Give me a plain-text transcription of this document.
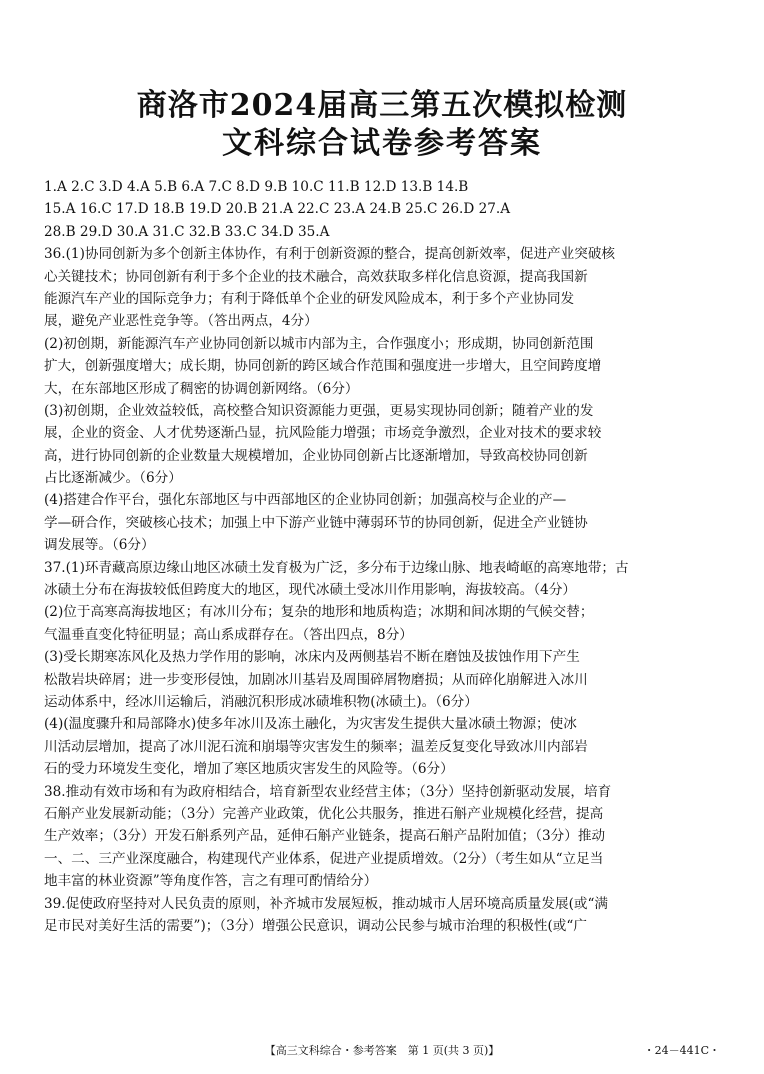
商洛市2024届高三第五次模拟检测
文科综合试卷参考答案
1.A 2.C 3.D 4.A 5.B 6.A 7.C 8.D 9.B 10.C 11.B 12.D 13.B 14.B
15.A 16.C 17.D 18.B 19.D 20.B 21.A 22.C 23.A 24.B 25.C 26.D 27.A
28.B 29.D 30.A 31.C 32.B 33.C 34.D 35.A
36.(1)协同创新为多个创新主体协作，有利于创新资源的整合，提高创新效率，促进产业突破核
心关键技术；协同创新有利于多个企业的技术融合，高效获取多样化信息资源，提高我国新
能源汽车产业的国际竞争力；有利于降低单个企业的研发风险成本，利于多个产业协同发
展，避免产业恶性竞争等。（答出两点，4分）
(2)初创期，新能源汽车产业协同创新以城市内部为主，合作强度小；形成期，协同创新范围
扩大，创新强度增大；成长期，协同创新的跨区域合作范围和强度进一步增大，且空间跨度增
大，在东部地区形成了稠密的协调创新网络。（6分）
(3)初创期，企业效益较低，高校整合知识资源能力更强，更易实现协同创新；随着产业的发
展，企业的资金、人才优势逐渐凸显，抗风险能力增强；市场竞争激烈，企业对技术的要求较
高，进行协同创新的企业数量大规模增加，企业协同创新占比逐渐增加，导致高校协同创新
占比逐渐减少。（6分）
(4)搭建合作平台，强化东部地区与中西部地区的企业协同创新；加强高校与企业的产—
学—研合作，突破核心技术；加强上中下游产业链中薄弱环节的协同创新，促进全产业链协
调发展等。（6分）
37.(1)环青藏高原边缘山地区冰碛土发育极为广泛，多分布于边缘山脉、地表崎岖的高寒地带；古
冰碛土分布在海拔较低但跨度大的地区，现代冰碛土受冰川作用影响，海拔较高。（4分）
(2)位于高寒高海拔地区；有冰川分布；复杂的地形和地质构造；冰期和间冰期的气候交替；
气温垂直变化特征明显；高山系成群存在。（答出四点，8分）
(3)受长期寒冻风化及热力学作用的影响，冰床内及两侧基岩不断在磨蚀及拔蚀作用下产生
松散岩块碎屑；进一步变形侵蚀，加剧冰川基岩及周围碎屑物磨损；从而碎化崩解进入冰川
运动体系中，经冰川运输后，消融沉积形成冰碛堆积物(冰碛土)。（6分）
(4)(温度骤升和局部降水)使多年冰川及冻土融化，为灾害发生提供大量冰碛土物源；使冰
川活动层增加，提高了冰川泥石流和崩塌等灾害发生的频率；温差反复变化导致冰川内部岩
石的受力环境发生变化，增加了寒区地质灾害发生的风险等。（6分）
38.推动有效市场和有为政府相结合，培育新型农业经营主体；（3分）坚持创新驱动发展，培育
石斛产业发展新动能；（3分）完善产业政策，优化公共服务，推进石斛产业规模化经营，提高
生产效率；（3分）开发石斛系列产品，延伸石斛产业链条，提高石斛产品附加值；（3分）推动
一、二、三产业深度融合，构建现代产业体系，促进产业提质增效。（2分）（考生如从“立足当
地丰富的林业资源”等角度作答，言之有理可酌情给分）
39.促使政府坚持对人民负责的原则，补齐城市发展短板，推动城市人居环境高质量发展(或“满
足市民对美好生活的需要”)；（3分）增强公民意识，调动公民参与城市治理的积极性(或“广
【高三文科综合・参考答案　第 1 页(共 3 页)】	・24－441C・
